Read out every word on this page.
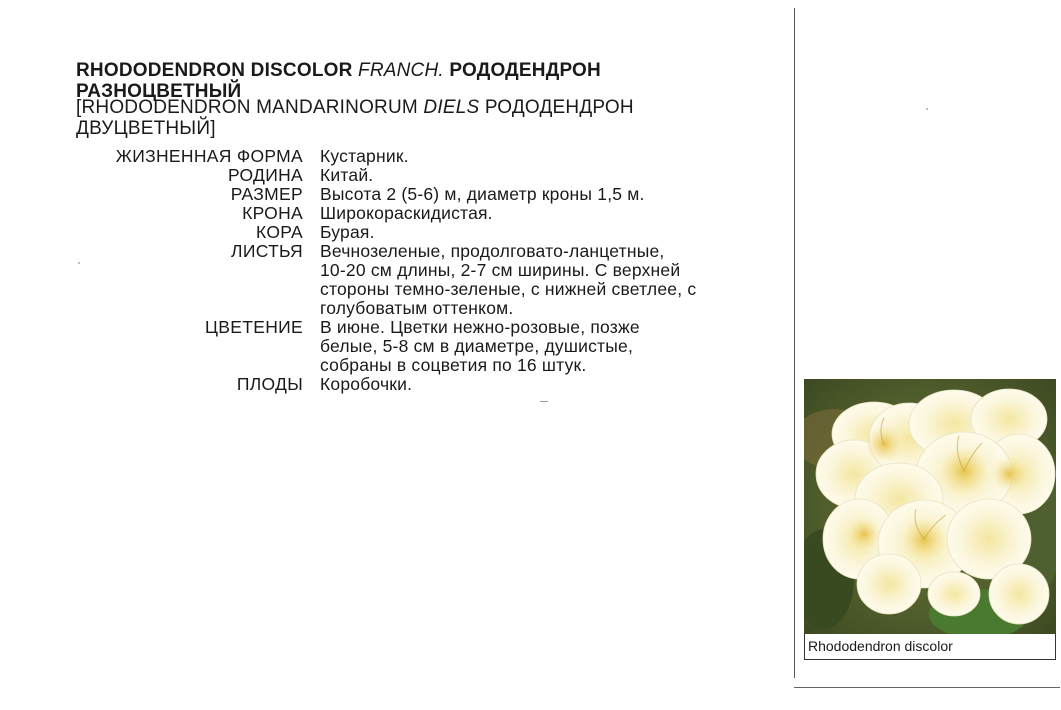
RHODODENDRON DISCOLOR FRANCH. РОДОДЕНДРОН РАЗНОЦВЕТНЫЙ
[RHODODENDRON MANDARINORUM DIELS РОДОДЕНДРОН ДВУЦВЕТНЫЙ]
ЖИЗНЕННАЯ ФОРМА Кустарник.
РОДИНА Китай.
РАЗМЕР Высота 2 (5-6) м, диаметр кроны 1,5 м.
КРОНА Широкораскидистая.
КОРА Бурая.
ЛИСТЬЯ Вечнозеленые, продолговато-ланцетные,
10-20 см длины, 2-7 см ширины. С верхней
стороны темно-зеленые, с нижней светлее, с
голубоватым оттенком.
ЦВЕТЕНИЕ В июне. Цветки нежно-розовые, позже
белые, 5-8 см в диаметре, душистые,
собраны в соцветия по 16 штук.
ПЛОДЫ Коробочки.
Rhododendron discolor
